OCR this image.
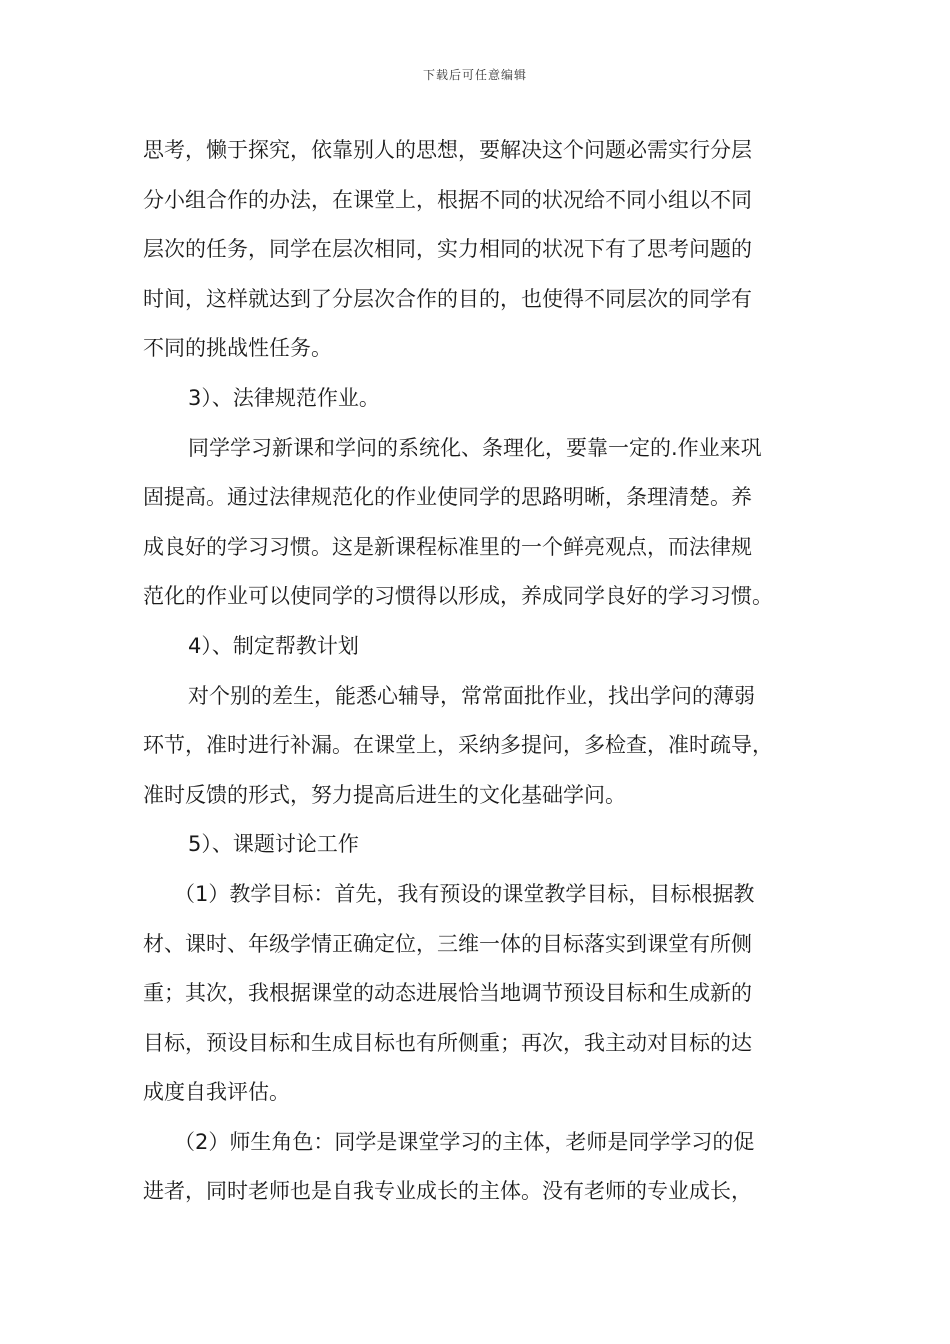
下载后可任意编辑
思考，懒于探究，依靠别人的思想，要解决这个问题必需实行分层
分小组合作的办法，在课堂上，根据不同的状况给不同小组以不同
层次的任务，同学在层次相同，实力相同的状况下有了思考问题的
时间，这样就达到了分层次合作的目的，也使得不同层次的同学有
不同的挑战性任务。
3）、法律规范作业。
同学学习新课和学问的系统化、条理化，要靠一定的.作业来巩
固提高。通过法律规范化的作业使同学的思路明晰，条理清楚。养
成良好的学习习惯。这是新课程标准里的一个鲜亮观点，而法律规
范化的作业可以使同学的习惯得以形成，养成同学良好的学习习惯。
4）、制定帮教计划
对个别的差生，能悉心辅导，常常面批作业，找出学问的薄弱
环节，准时进行补漏。在课堂上，采纳多提问，多检查，准时疏导，
准时反馈的形式，努力提高后进生的文化基础学问。
5）、课题讨论工作
（1）教学目标：首先，我有预设的课堂教学目标，目标根据教
材、课时、年级学情正确定位，三维一体的目标落实到课堂有所侧
重；其次，我根据课堂的动态进展恰当地调节预设目标和生成新的
目标，预设目标和生成目标也有所侧重；再次，我主动对目标的达
成度自我评估。
（2）师生角色：同学是课堂学习的主体，老师是同学学习的促
进者，同时老师也是自我专业成长的主体。没有老师的专业成长，
